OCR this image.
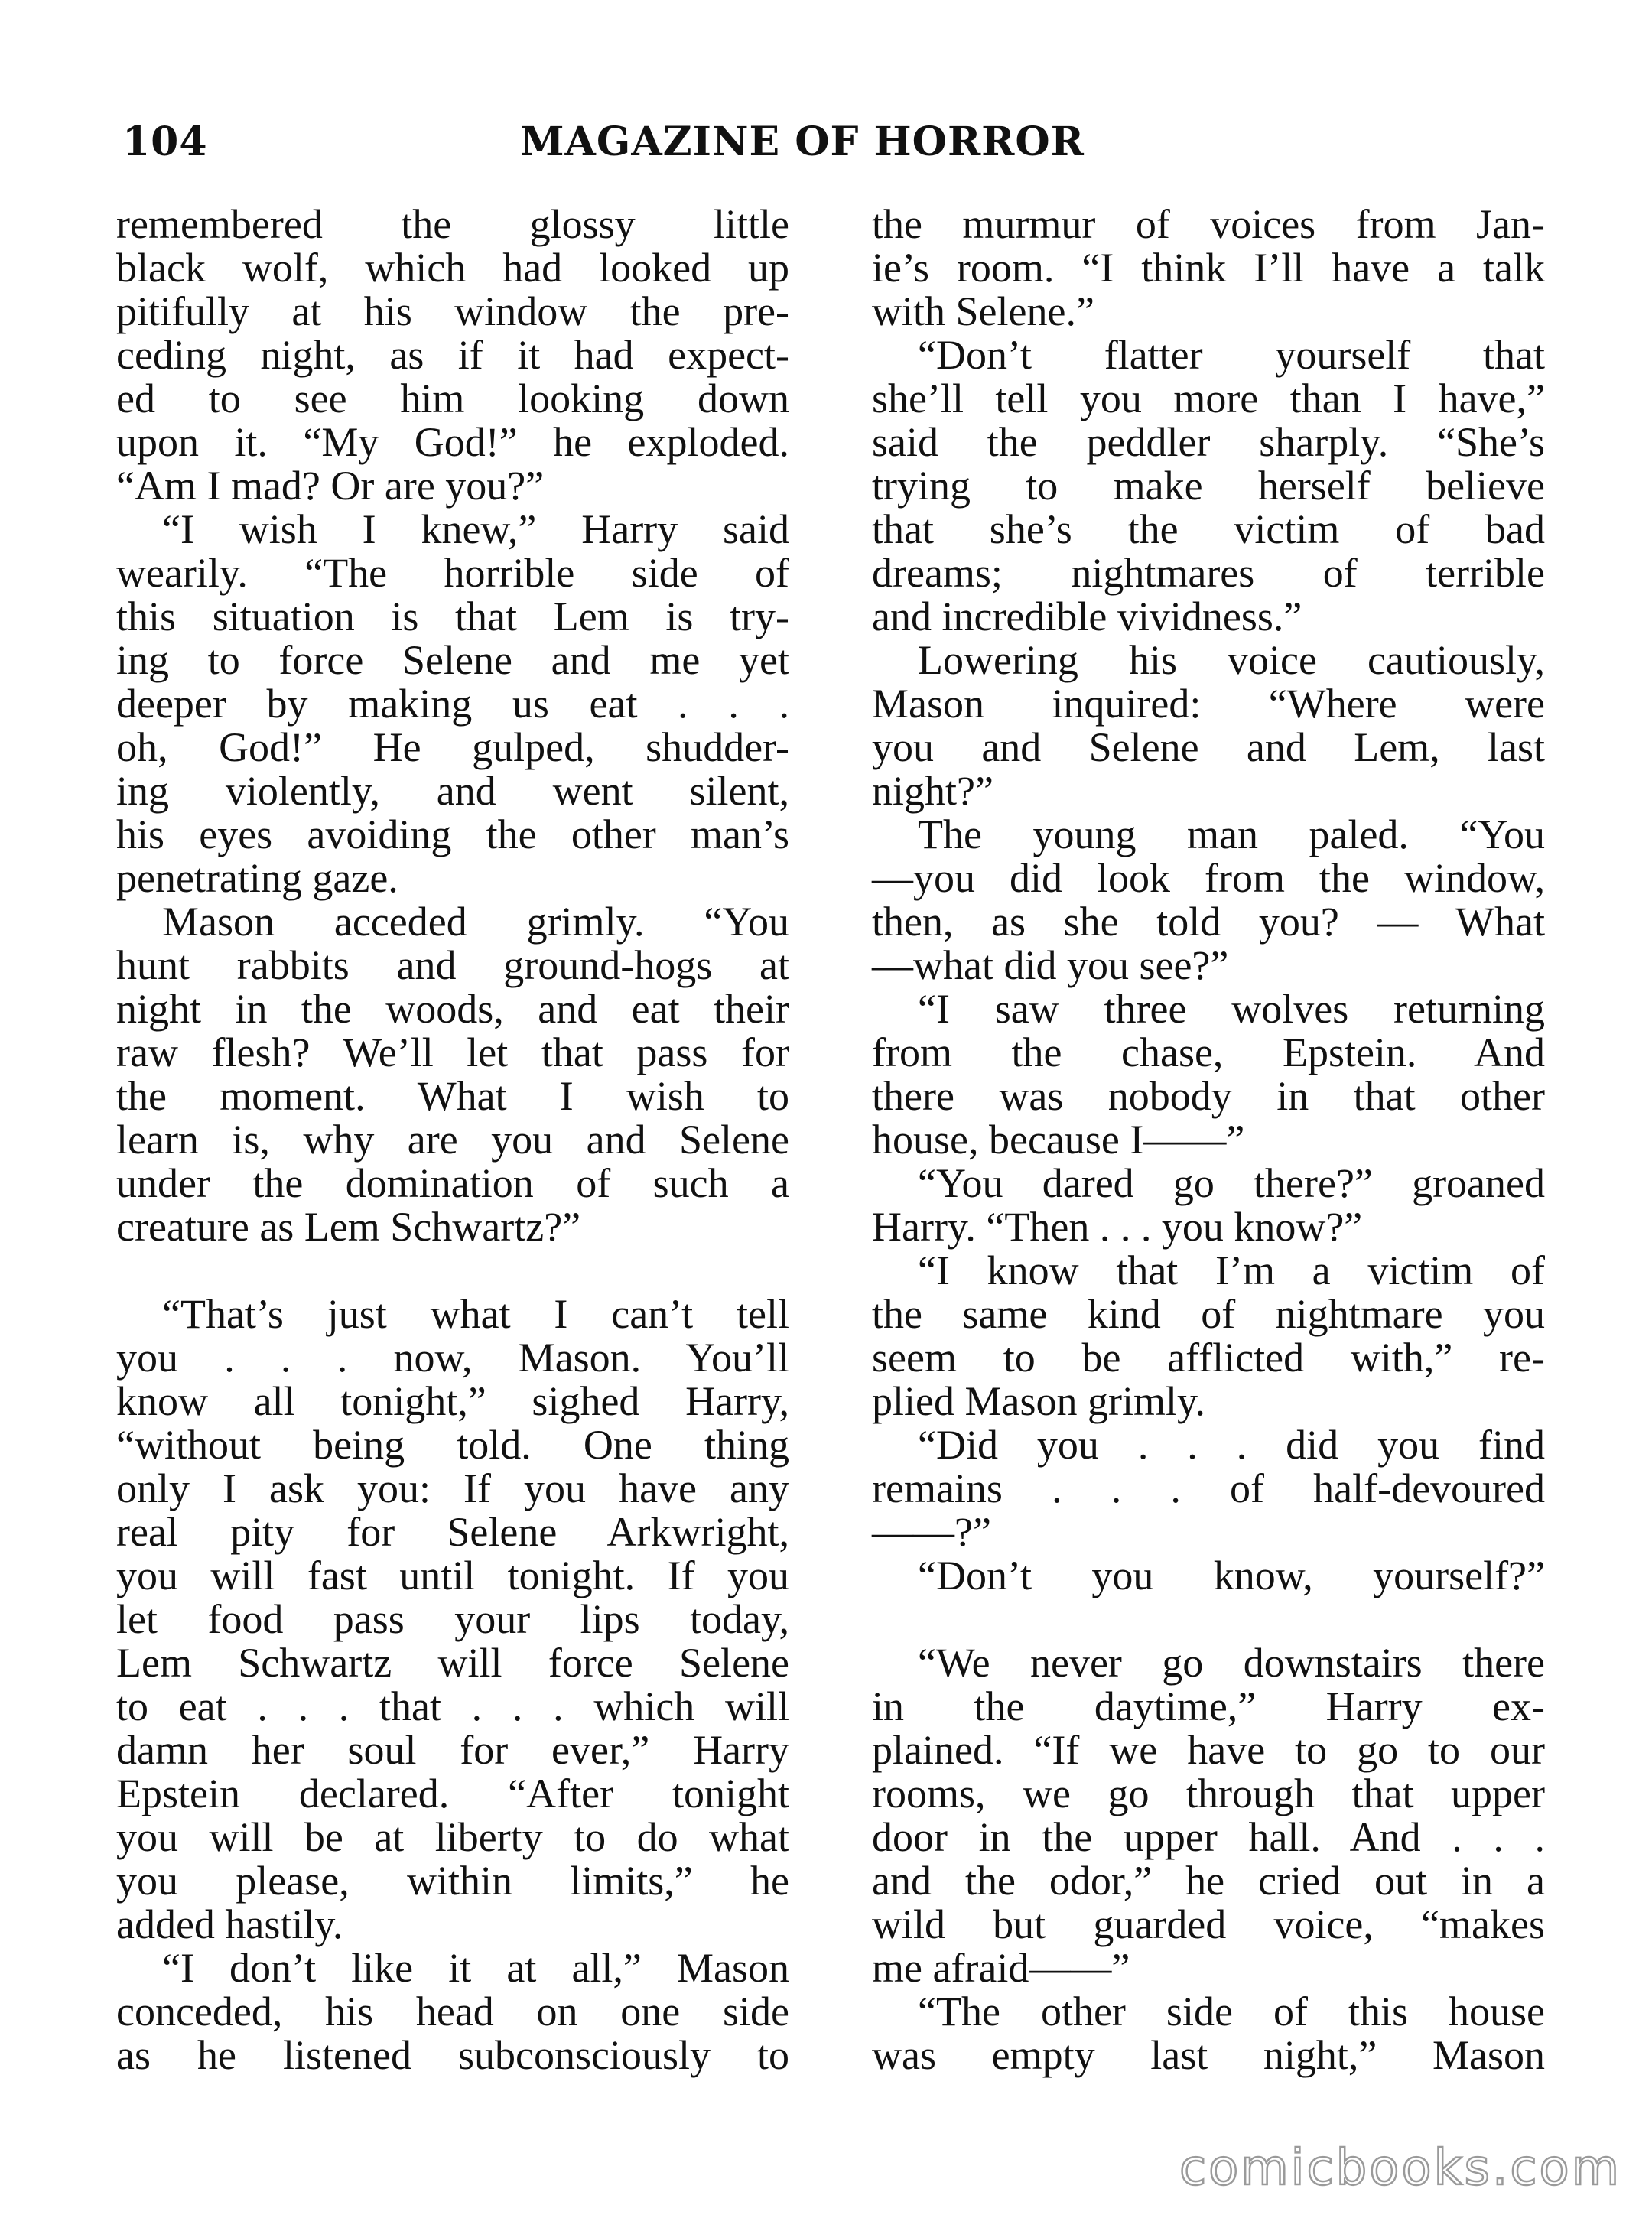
104	MAGAZINE OF HORROR
remembered the glossy little
black wolf, which had looked up
pitifully at his window the pre-
ceding night, as if it had expect-
ed to see him looking down
upon it. “My God!” he exploded.
“Am I mad? Or are you?”
“I wish I knew,” Harry said
wearily. “The horrible side of
this situation is that Lem is try-
ing to force Selene and me yet
deeper by making us eat . . .
oh, God!” He gulped, shudder-
ing violently, and went silent,
his eyes avoiding the other man’s
penetrating gaze.
Mason acceded grimly. “You
hunt rabbits and ground-hogs at
night in the woods, and eat their
raw flesh? We’ll let that pass for
the moment. What I wish to
learn is, why are you and Selene
under the domination of such a
creature as Lem Schwartz?”
“That’s just what I can’t tell
you . . . now, Mason. You’ll
know all tonight,” sighed Harry,
“without being told. One thing
only I ask you: If you have any
real pity for Selene Arkwright,
you will fast until tonight. If you
let food pass your lips today,
Lem Schwartz will force Selene
to eat . . . that . . . which will
damn her soul for ever,” Harry
Epstein declared. “After tonight
you will be at liberty to do what
you please, within limits,” he
added hastily.
“I don’t like it at all,” Mason
conceded, his head on one side
as he listened subconsciously to
the murmur of voices from Jan-
ie’s room. “I think I’ll have a talk
with Selene.”
“Don’t flatter yourself that
she’ll tell you more than I have,”
said the peddler sharply. “She’s
trying to make herself believe
that she’s the victim of bad
dreams; nightmares of terrible
and incredible vividness.”
Lowering his voice cautiously,
Mason inquired: “Where were
you and Selene and Lem, last
night?”
The young man paled. “You
—you did look from the window,
then, as she told you? — What
—what did you see?”
“I saw three wolves returning
from the chase, Epstein. And
there was nobody in that other
house, because I——”
“You dared go there?” groaned
Harry. “Then . . . you know?”
“I know that I’m a victim of
the same kind of nightmare you
seem to be afflicted with,” re-
plied Mason grimly.
“Did you . . . did you find
remains . . . of half-devoured
——?”
“Don’t you know, yourself?”
“We never go downstairs there
in the daytime,” Harry ex-
plained. “If we have to go to our
rooms, we go through that upper
door in the upper hall. And . . .
and the odor,” he cried out in a
wild but guarded voice, “makes
me afraid——”
“The other side of this house
was empty last night,” Mason
comicbooks.com
